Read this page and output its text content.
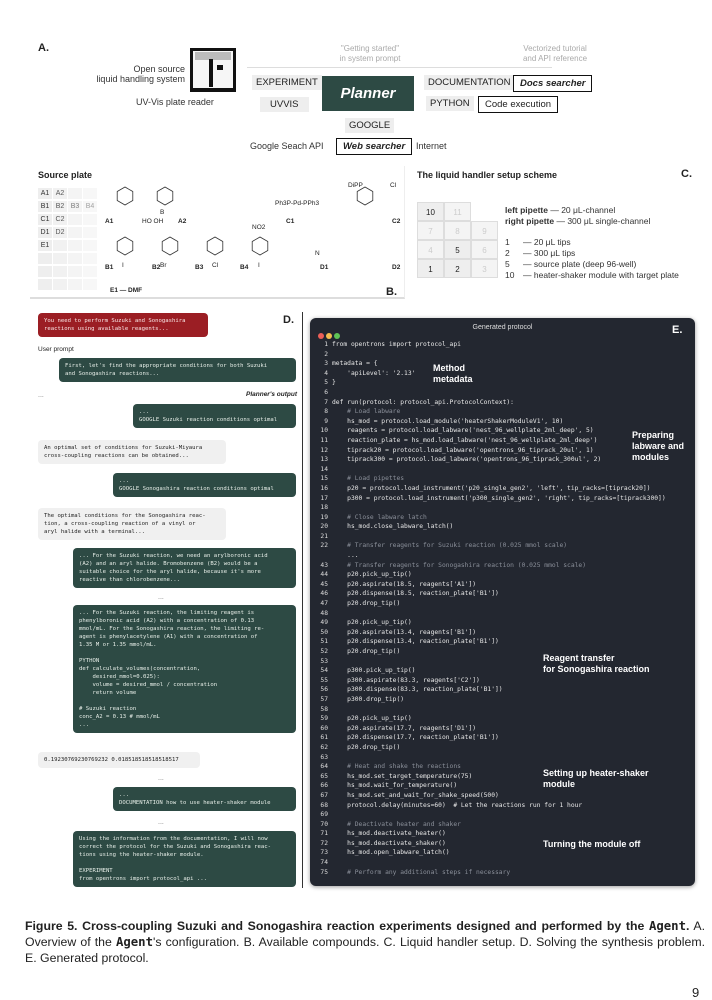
A.
Open source
liquid handling system
UV-Vis plate reader
Google Seach API	Internet
"Getting started"
in system prompt
Vectorized tutorial
and API reference
EXPERIMENT
UVVIS
Planner
DOCUMENTATION
PYTHON
GOOGLE
Docs searcher
Code execution
Web searcher
Source plate
A1 A2
B1 B2 B3 B4
C1 C2
D1 D2
E1
A1	A2	C1	C2
B1	B2	B3	B4	D1	D2
Ph3P-Pd-PPh3
HO OH
B
I	Br	Cl	I
NO2
DiPP
N
Cl
E1 — DMF	B.
The liquid handler setup scheme	C.
10	11
7	8	9
4	5	6
1	2	3
left pipette — 20 μL-channel
right pipette — 300 μL single-channel
1 — 20 μL tips
2 — 300 μL tips
5 — source plate (deep 96-well)
10 — heater-shaker module with target plate
D.
User prompt
Planner's output
...
...
...
...
You need to perform Suzuki and Sonogashira
reactions using available reagents...
First, let's find the appropriate conditions for both Suzuki
and Sonogashira reactions...
...
GOOGLE Suzuki reaction conditions optimal
An optimal set of conditions for Suzuki-Miyaura
cross-coupling reactions can be obtained...
...
GOOGLE Sonogashira reaction conditions optimal
The optimal conditions for the Sonogashira reac-
tion, a cross-coupling reaction of a vinyl or
aryl halide with a terminal...
... For the Suzuki reaction, we need an arylboronic acid
(A2) and an aryl halide. Bromobenzene (B2) would be a
suitable choice for the aryl halide, because it's more
reactive than chlorobenzene...
... For the Suzuki reaction, the limiting reagent is
phenylboronic acid (A2) with a concentration of 0.13
mmol/mL. For the Sonogashira reaction, the limiting re-
agent is phenylacetylene (A1) with a concentration of
1.35 M or 1.35 mmol/mL.

PYTHON
def calculate_volumes(concentration,
desired_mmol=0.025):
volume = desired_mmol / concentration
return volume

# Suzuki reaction
conc_A2 = 0.13 # mmol/mL
...
0.19230769230769232 0.018518518518518517
...
DOCUMENTATION how to use heater-shaker module
Using the information from the documentation, I will now
correct the protocol for the Suzuki and Sonogashira reac-
tions using the heater-shaker module.

EXPERIMENT
from opentrons import protocol_api ...
Generated protocol	E.
1 from opentrons import protocol_api
2
3 metadata = {
4    'apiLevel': '2.13'
5 }
6
7 def run(protocol: protocol_api.ProtocolContext):
8    # Load labware
9    hs_mod = protocol.load_module('heaterShakerModuleV1', 10)
10    reagents = protocol.load_labware('nest_96_wellplate_2ml_deep', 5)
11    reaction_plate = hs_mod.load_labware('nest_96_wellplate_2ml_deep')
12    tiprack20 = protocol.load_labware('opentrons_96_tiprack_20ul', 1)
13    tiprack300 = protocol.load_labware('opentrons_96_tiprack_300ul', 2)
14
15    # Load pipettes
16    p20 = protocol.load_instrument('p20_single_gen2', 'left', tip_racks=[tiprack20])
17    p300 = protocol.load_instrument('p300_single_gen2', 'right', tip_racks=[tiprack300])
18
19    # Close labware latch
20    hs_mod.close_labware_latch()
21
22    # Transfer reagents for Suzuki reaction (0.025 mmol scale)
...
43    # Transfer reagents for Sonogashira reaction (0.025 mmol scale)
44    p20.pick_up_tip()
45    p20.aspirate(18.5, reagents['A1'])
46    p20.dispense(18.5, reaction_plate['B1'])
47    p20.drop_tip()
48
49    p20.pick_up_tip()
50    p20.aspirate(13.4, reagents['B1'])
51    p20.dispense(13.4, reaction_plate['B1'])
52    p20.drop_tip()
53
54    p300.pick_up_tip()
55    p300.aspirate(83.3, reagents['C2'])
56    p300.dispense(83.3, reaction_plate['B1'])
57    p300.drop_tip()
58
59    p20.pick_up_tip()
60    p20.aspirate(17.7, reagents['D1'])
61    p20.dispense(17.7, reaction_plate['B1'])
62    p20.drop_tip()
63
64    # Heat and shake the reactions
65    hs_mod.set_target_temperature(75)
66    hs_mod.wait_for_temperature()
67    hs_mod.set_and_wait_for_shake_speed(500)
68    protocol.delay(minutes=60)  # Let the reactions run for 1 hour
69
70    # Deactivate heater and shaker
71    hs_mod.deactivate_heater()
72    hs_mod.deactivate_shaker()
73    hs_mod.open_labware_latch()
74
75    # Perform any additional steps if necessary
Method
metadata
Preparing
labware and
modules
Reagent transfer
for Sonogashira reaction
Setting up heater-shaker
module
Turning the module off
Figure 5. Cross-coupling Suzuki and Sonogashira reaction experiments designed and performed by the Agent. A. Overview of the Agent's configuration. B. Available compounds. C. Liquid handler setup. D. Solving the synthesis problem. E. Generated protocol.
9
